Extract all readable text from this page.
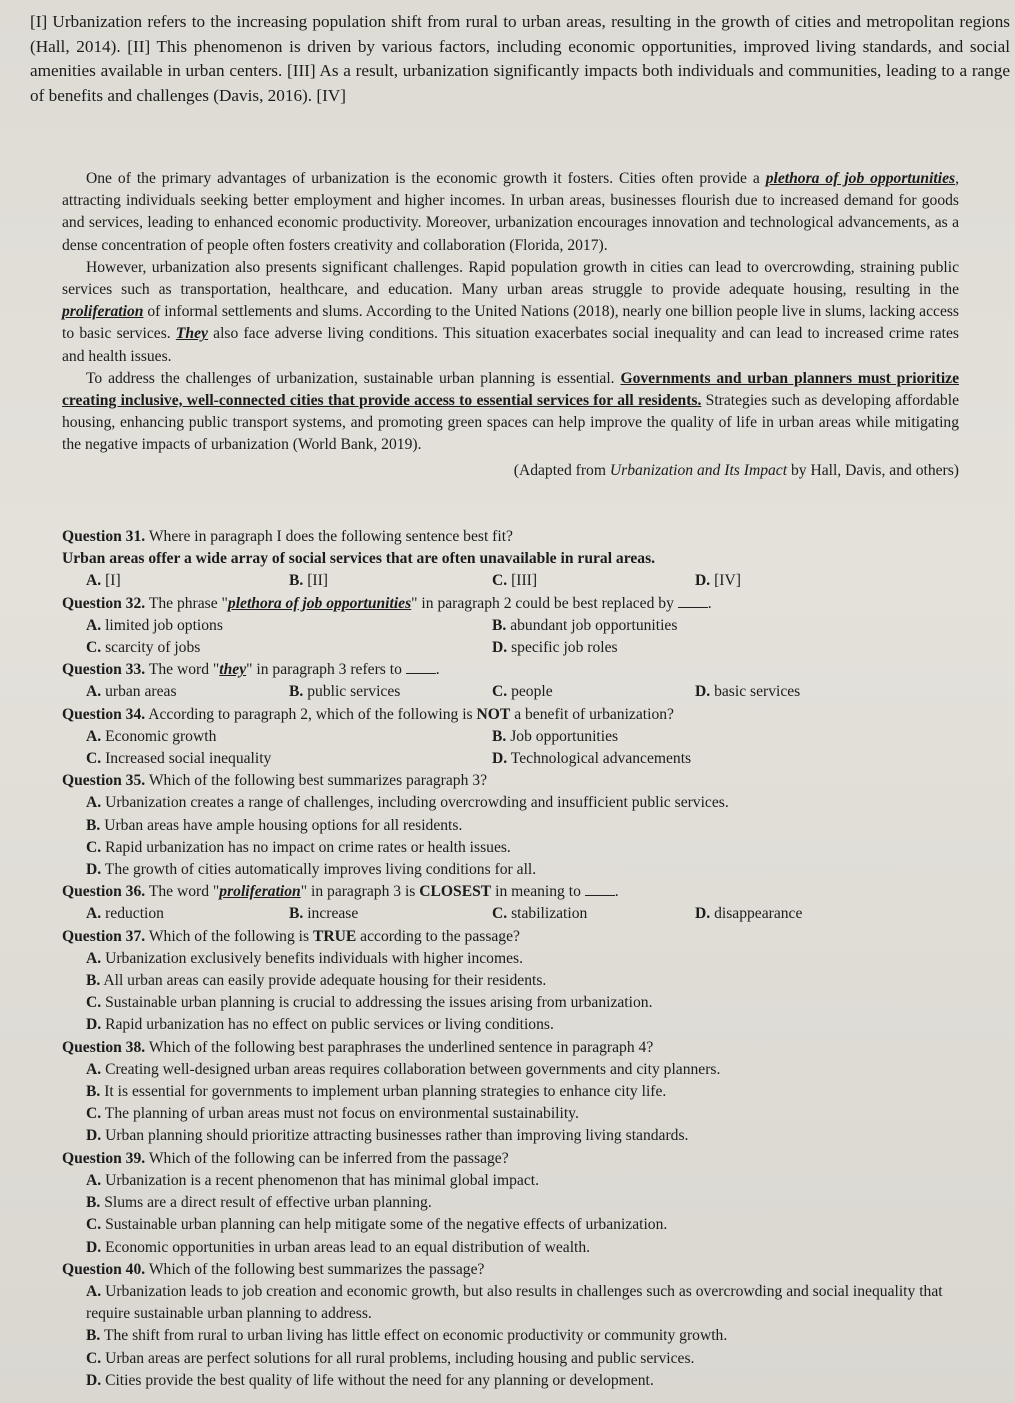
[I] Urbanization refers to the increasing population shift from rural to urban areas, resulting in the growth of cities and metropolitan regions (Hall, 2014). [II] This phenomenon is driven by various factors, including economic opportunities, improved living standards, and social amenities available in urban centers. [III] As a result, urbanization significantly impacts both individuals and communities, leading to a range of benefits and challenges (Davis, 2016). [IV]

One of the primary advantages of urbanization is the economic growth it fosters. Cities often provide a plethora of job opportunities, attracting individuals seeking better employment and higher incomes. In urban areas, businesses flourish due to increased demand for goods and services, leading to enhanced economic productivity. Moreover, urbanization encourages innovation and technological advancements, as a dense concentration of people often fosters creativity and collaboration (Florida, 2017).

However, urbanization also presents significant challenges. Rapid population growth in cities can lead to overcrowding, straining public services such as transportation, healthcare, and education. Many urban areas struggle to provide adequate housing, resulting in the proliferation of informal settlements and slums. According to the United Nations (2018), nearly one billion people live in slums, lacking access to basic services. They also face adverse living conditions. This situation exacerbates social inequality and can lead to increased crime rates and health issues.

To address the challenges of urbanization, sustainable urban planning is essential. Governments and urban planners must prioritize creating inclusive, well-connected cities that provide access to essential services for all residents. Strategies such as developing affordable housing, enhancing public transport systems, and promoting green spaces can help improve the quality of life in urban areas while mitigating the negative impacts of urbanization (World Bank, 2019).

(Adapted from Urbanization and Its Impact by Hall, Davis, and others)
Question 31. Where in paragraph I does the following sentence best fit?
Urban areas offer a wide array of social services that are often unavailable in rural areas.
A. [I]	B. [II]	C. [III]	D. [IV]
Question 32. The phrase "plethora of job opportunities" in paragraph 2 could be best replaced by .
A. limited job options	B. abundant job opportunities
C. scarcity of jobs	D. specific job roles
Question 33. The word "they" in paragraph 3 refers to .
A. urban areas	B. public services	C. people	D. basic services
Question 34. According to paragraph 2, which of the following is NOT a benefit of urbanization?
A. Economic growth	B. Job opportunities
C. Increased social inequality	D. Technological advancements
Question 35. Which of the following best summarizes paragraph 3?
A. Urbanization creates a range of challenges, including overcrowding and insufficient public services.
B. Urban areas have ample housing options for all residents.
C. Rapid urbanization has no impact on crime rates or health issues.
D. The growth of cities automatically improves living conditions for all.
Question 36. The word "proliferation" in paragraph 3 is CLOSEST in meaning to .
A. reduction	B. increase	C. stabilization	D. disappearance
Question 37. Which of the following is TRUE according to the passage?
A. Urbanization exclusively benefits individuals with higher incomes.
B. All urban areas can easily provide adequate housing for their residents.
C. Sustainable urban planning is crucial to addressing the issues arising from urbanization.
D. Rapid urbanization has no effect on public services or living conditions.
Question 38. Which of the following best paraphrases the underlined sentence in paragraph 4?
A. Creating well-designed urban areas requires collaboration between governments and city planners.
B. It is essential for governments to implement urban planning strategies to enhance city life.
C. The planning of urban areas must not focus on environmental sustainability.
D. Urban planning should prioritize attracting businesses rather than improving living standards.
Question 39. Which of the following can be inferred from the passage?
A. Urbanization is a recent phenomenon that has minimal global impact.
B. Slums are a direct result of effective urban planning.
C. Sustainable urban planning can help mitigate some of the negative effects of urbanization.
D. Economic opportunities in urban areas lead to an equal distribution of wealth.
Question 40. Which of the following best summarizes the passage?
A. Urbanization leads to job creation and economic growth, but also results in challenges such as overcrowding and social inequality that require sustainable urban planning to address.
B. The shift from rural to urban living has little effect on economic productivity or community growth.
C. Urban areas are perfect solutions for all rural problems, including housing and public services.
D. Cities provide the best quality of life without the need for any planning or development.
